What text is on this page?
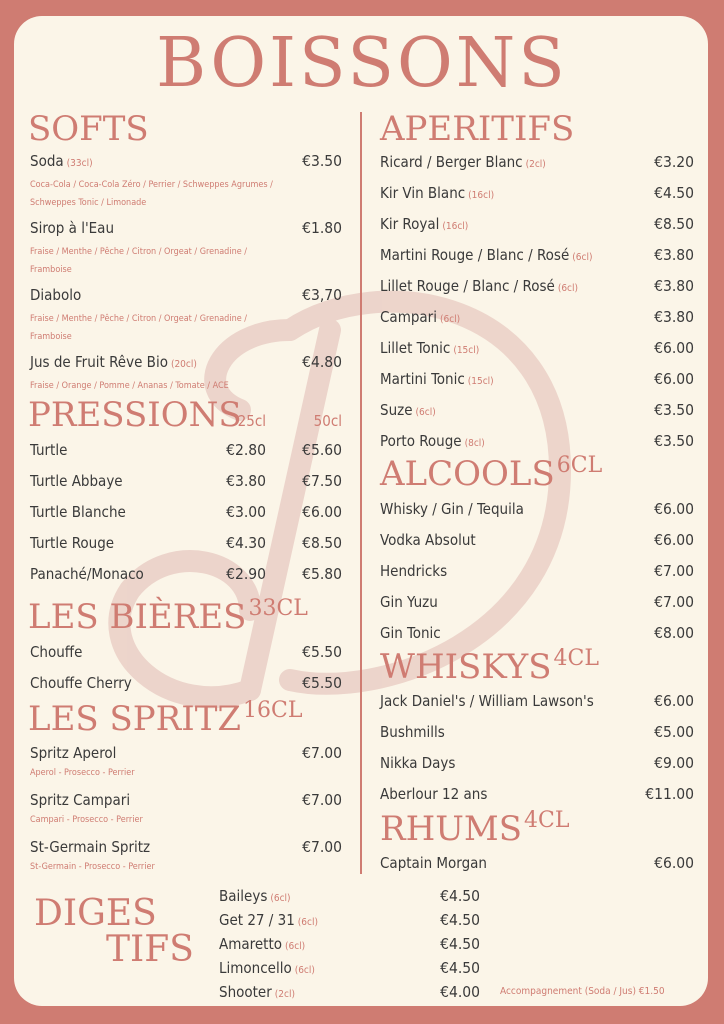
BOISSONS
SOFTS
Soda (33cl)	€3.50
Coca-Cola / Coca-Cola Zéro / Perrier / Schweppes Agrumes / Schweppes Tonic / Limonade
Sirop à l'Eau	€1.80
Fraise / Menthe / Pêche / Citron / Orgeat / Grenadine / Framboise
Diabolo	€3,70
Fraise / Menthe / Pêche / Citron / Orgeat / Grenadine / Framboise
Jus de Fruit Rêve Bio (20cl)	€4.80
Fraise / Orange / Pomme / Ananas / Tomate / ACE
PRESSIONS
25cl	50cl
Turtle	€2.80	€5.60
Turtle Abbaye	€3.80	€7.50
Turtle Blanche	€3.00	€6.00
Turtle Rouge	€4.30	€8.50
Panaché/Monaco	€2.90	€5.80
LES $BIÈRES^{33CL}$
Chouffe	€5.50
Chouffe Cherry	€5.50
LES $SPRITZ^{16CL}$
Spritz Aperol	€7.00
Aperol - Prosecco - Perrier
Spritz Campari	€7.00
Campari - Prosecco - Perrier
St-Germain Spritz	€7.00
St-Germain - Prosecco - Perrier
APERITIFS
Ricard / Berger Blanc (2cl)	€3.20
Kir Vin Blanc (16cl)	€4.50
Kir Royal (16cl)	€8.50
Martini Rouge / Blanc / Rosé (6cl)	€3.80
Lillet Rouge / Blanc / Rosé (6cl)	€3.80
Campari (6cl)	€3.80
Lillet Tonic (15cl)	€6.00
Martini Tonic (15cl)	€6.00
Suze (6cl)	€3.50
Porto Rouge (8cl)	€3.50
$ALCOOLS^{6CL}$
Whisky / Gin / Tequila	€6.00
Vodka Absolut	€6.00
Hendricks	€7.00
Gin Yuzu	€7.00
Gin Tonic	€8.00
$WHISKYS^{4CL}$
Jack Daniel's / William Lawson's	€6.00
Bushmills	€5.00
Nikka Days	€9.00
Aberlour 12 ans	€11.00
$RHUMS^{4CL}$
Captain Morgan	€6.00
Baileys (6cl)	€4.50
Get 27 / 31 (6cl)	€4.50
Amaretto (6cl)	€4.50
Limoncello (6cl)	€4.50
Shooter (2cl)	€4.00
DIGES
TIFS
Accompagnement (Soda / Jus) €1.50
